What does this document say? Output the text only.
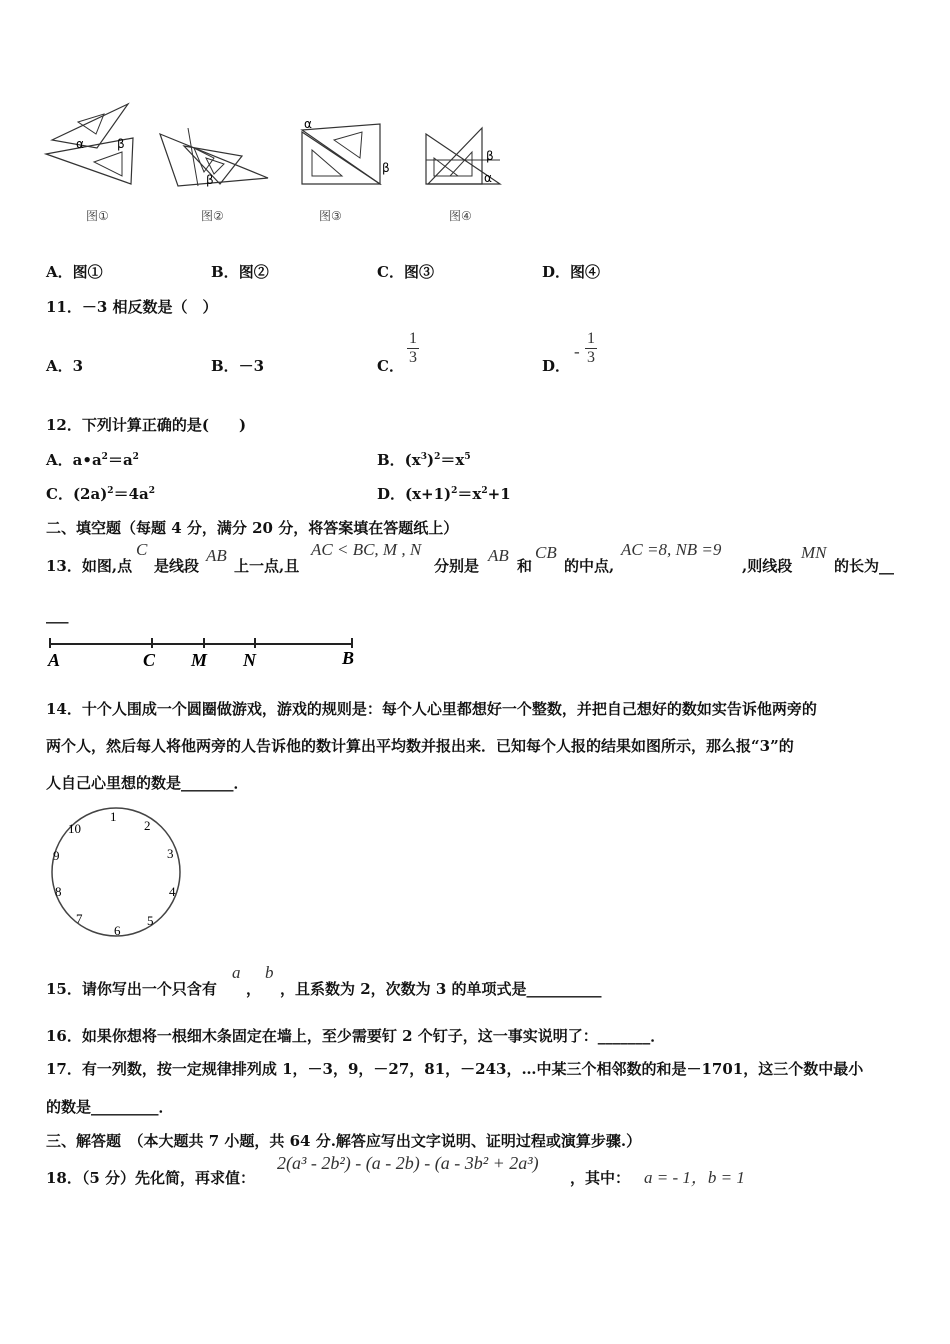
α	β
β
α
β
β
α
图①	图②	图③	图④
A．图①	B．图②	C．图③	D．图④
11．－3 相反数是（　）
A．3	B．－3	C．
1
3	D．
-
1
3
12．下列计算正确的是(　　)
A．$a•a^2=a^2$	B．$(x^3)^2=x^5$
C．$(2a)^2=4a^2$	D．$(x+1)^2=x^2+1$
二、填空题（每题 4 分，满分 20 分，将答案填在答题纸上）
13．如图,点
C
是线段
AB
上一点,且
AC < BC, M , N
分别是
AB
和
CB
的中点,
AC =8, NB =9
,则线段
MN
的长为__
___
A	C M N	B
14．十个人围成一个圆圈做游戏，游戏的规则是：每个人心里都想好一个整数，并把自己想好的数如实告诉他两旁的
两个人，然后每人将他两旁的人告诉他的数计算出平均数并报出来．已知每个人报的结果如图所示，那么报“3”的
人自己心里想的数是_______．
1
2
3
4
5
6
7
8
9
10
15．请你写出一个只含有
a
，
b
，且系数为 2，次数为 3 的单项式是__________
16．如果你想将一根细木条固定在墙上，至少需要钉 2 个钉子，这一事实说明了：_______．
17．有一列数，按一定规律排列成 1，－3，9，－27，81，－243，…中某三个相邻数的和是－1701，这三个数中最小
的数是_________．
三、解答题　（本大题共 7 小题，共 64 分.解答应写出文字说明、证明过程或演算步骤.）
18．（5 分）先化简，再求值：
2(a³ - 2b²) - (a - 2b) - (a - 3b² + 2a³)
，其中： a = - 1，b = 1
